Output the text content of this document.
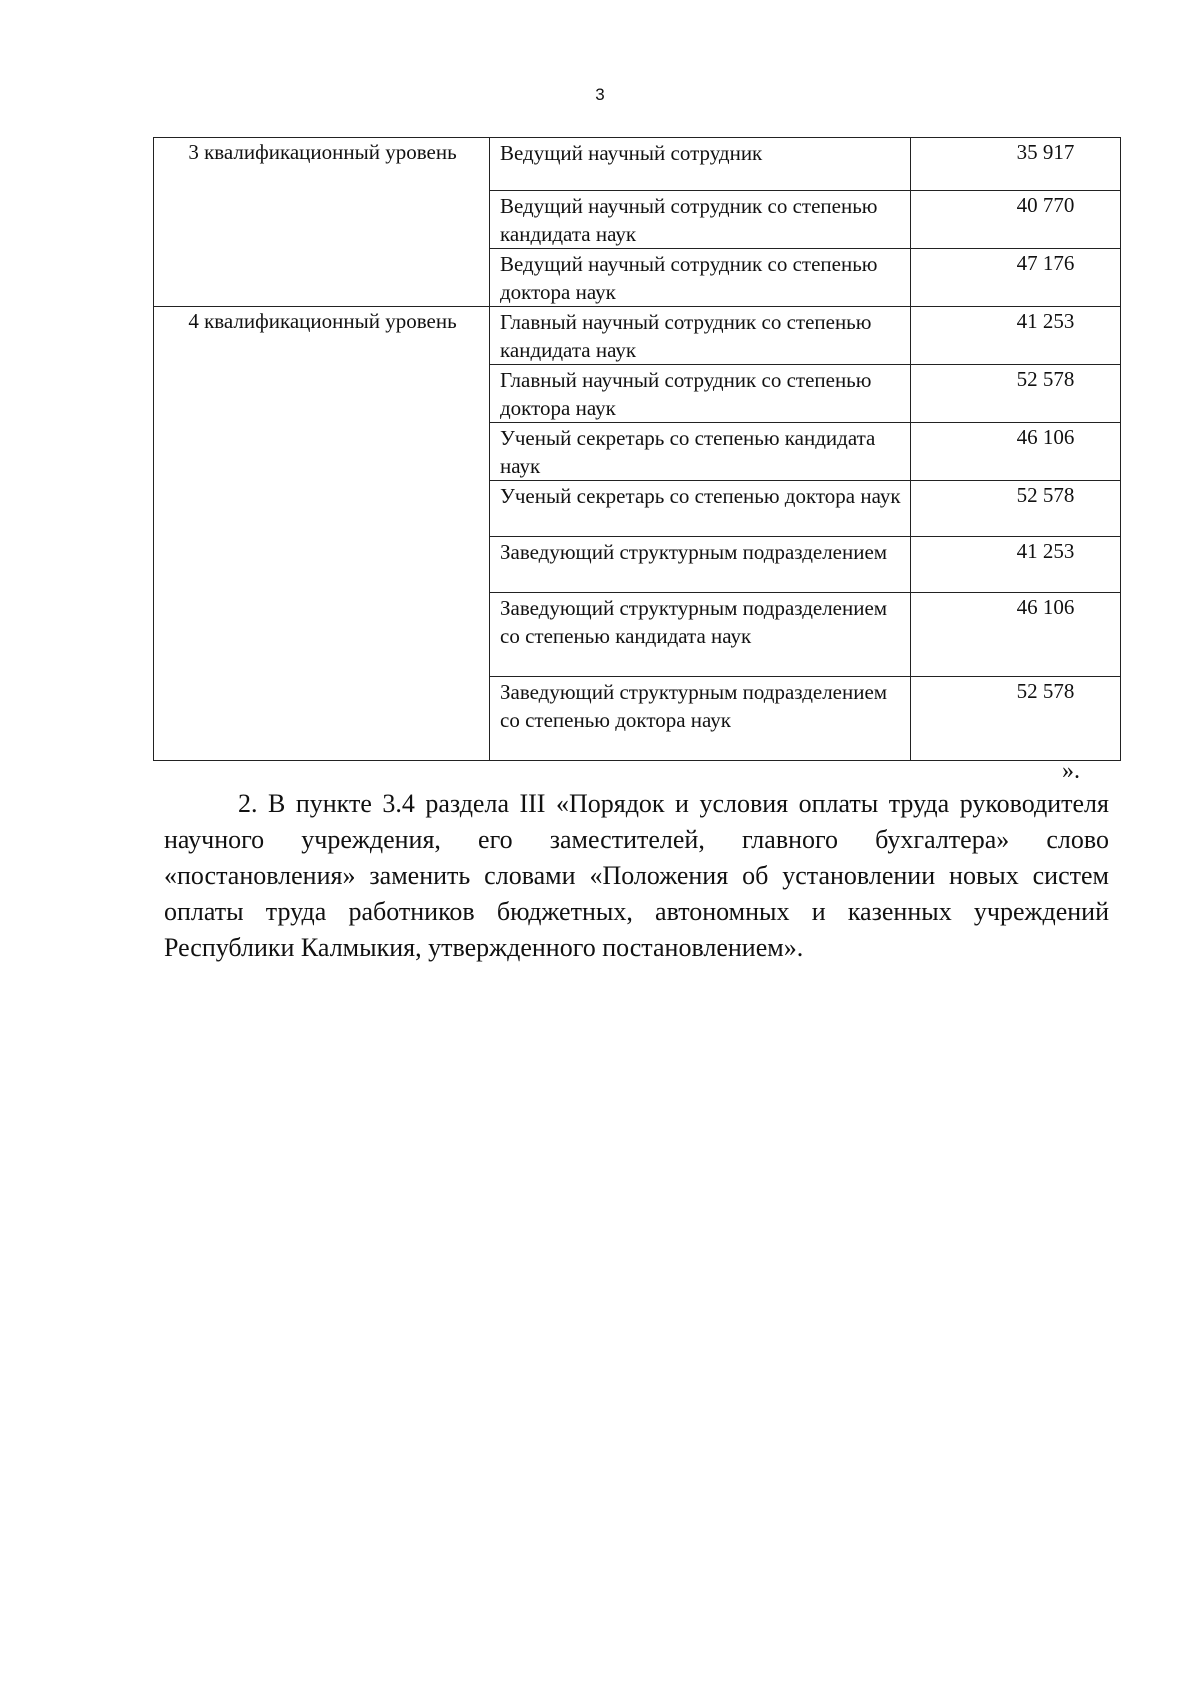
3
3 квалификационный уровень	Ведущий научный сотрудник	35 917
	Ведущий научный сотрудник со степенью кандидата наук	40 770
	Ведущий научный сотрудник со степенью доктора наук	47 176
4 квалификационный уровень	Главный научный сотрудник со степенью кандидата наук	41 253
	Главный научный сотрудник со степенью доктора наук	52 578
	Ученый секретарь со степенью кандидата наук	46 106
	Ученый секретарь со степенью доктора наук	52 578
	Заведующий структурным подразделением	41 253
	Заведующий структурным подразделением со степенью кандидата наук	46 106
	Заведующий структурным подразделением со степенью доктора наук	52 578
».

2. В пункте 3.4 раздела III «Порядок и условия оплаты труда руководителя научного учреждения, его заместителей, главного бухгалтера» слово «постановления» заменить словами «Положения об установлении новых систем оплаты труда работников бюджетных, автономных и казенных учреждений Республики Калмыкия, утвержденного постановлением».
